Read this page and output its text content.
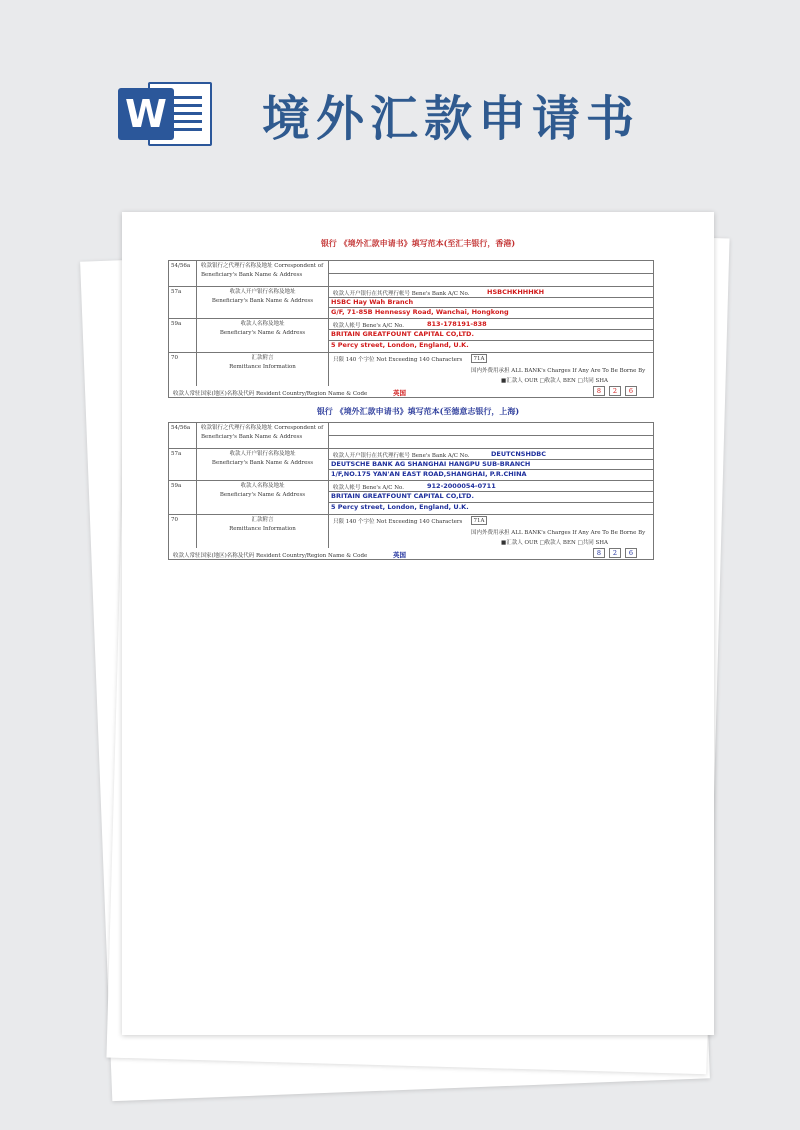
W 境外汇款申请书
银行 《境外汇款申请书》填写范本(至汇丰银行，香港)
54/56a	收款银行之代理行名称及地址 Correspondent of Beneficiary's Bank Name & Address
57a	收款人开户银行名称及地址
Beneficiary's Bank Name & Address
收款人开户银行在其代理行帐号 Bene's Bank A/C No.	HSBCHKHHHKH
HSBC Hay Wah Branch
G/F, 71-85B Hennessy Road, Wanchai, Hongkong
59a	收款人名称及地址
Beneficiary's Name & Address
收款人帐号 Bene's A/C No.	813-178191-838
BRITAIN GREATFOUNT CAPITAL CO,LTD.
5 Percy street, London, England, U.K.
70	汇款附言
Remittance Information
只限 140 个字位 Not Exceeding 140 Characters	71A
国内外费用承担 ALL BANK's Charges If Any Are To Be Borne By
■汇款人 OUR □收款人 BEN □共同 SHA
收款人常驻国家(地区)名称及代码 Resident Country/Region Name & Code	英国	8	2	6
银行 《境外汇款申请书》填写范本(至德意志银行，上海)
54/56a	收款银行之代理行名称及地址 Correspondent of Beneficiary's Bank Name & Address
57a	收款人开户银行名称及地址
Beneficiary's Bank Name & Address
收款人开户银行在其代理行帐号 Bene's Bank A/C No.	DEUTCNSHDBC
DEUTSCHE BANK AG SHANGHAI HANGPU SUB-BRANCH
1/F,NO.175 YAN'AN EAST ROAD,SHANGHAI, P.R.CHINA
59a	收款人名称及地址
Beneficiary's Name & Address
收款人帐号 Bene's A/C No.	912-2000054-0711
BRITAIN GREATFOUNT CAPITAL CO,LTD.
5 Percy street, London, England, U.K.
70	汇款附言
Remittance Information
只限 140 个字位 Not Exceeding 140 Characters	71A
国内外费用承担 ALL BANK's Charges If Any Are To Be Borne By
■汇款人 OUR □收款人 BEN □共同 SHA
收款人常驻国家(地区)名称及代码 Resident Country/Region Name & Code	英国	8	2	6
